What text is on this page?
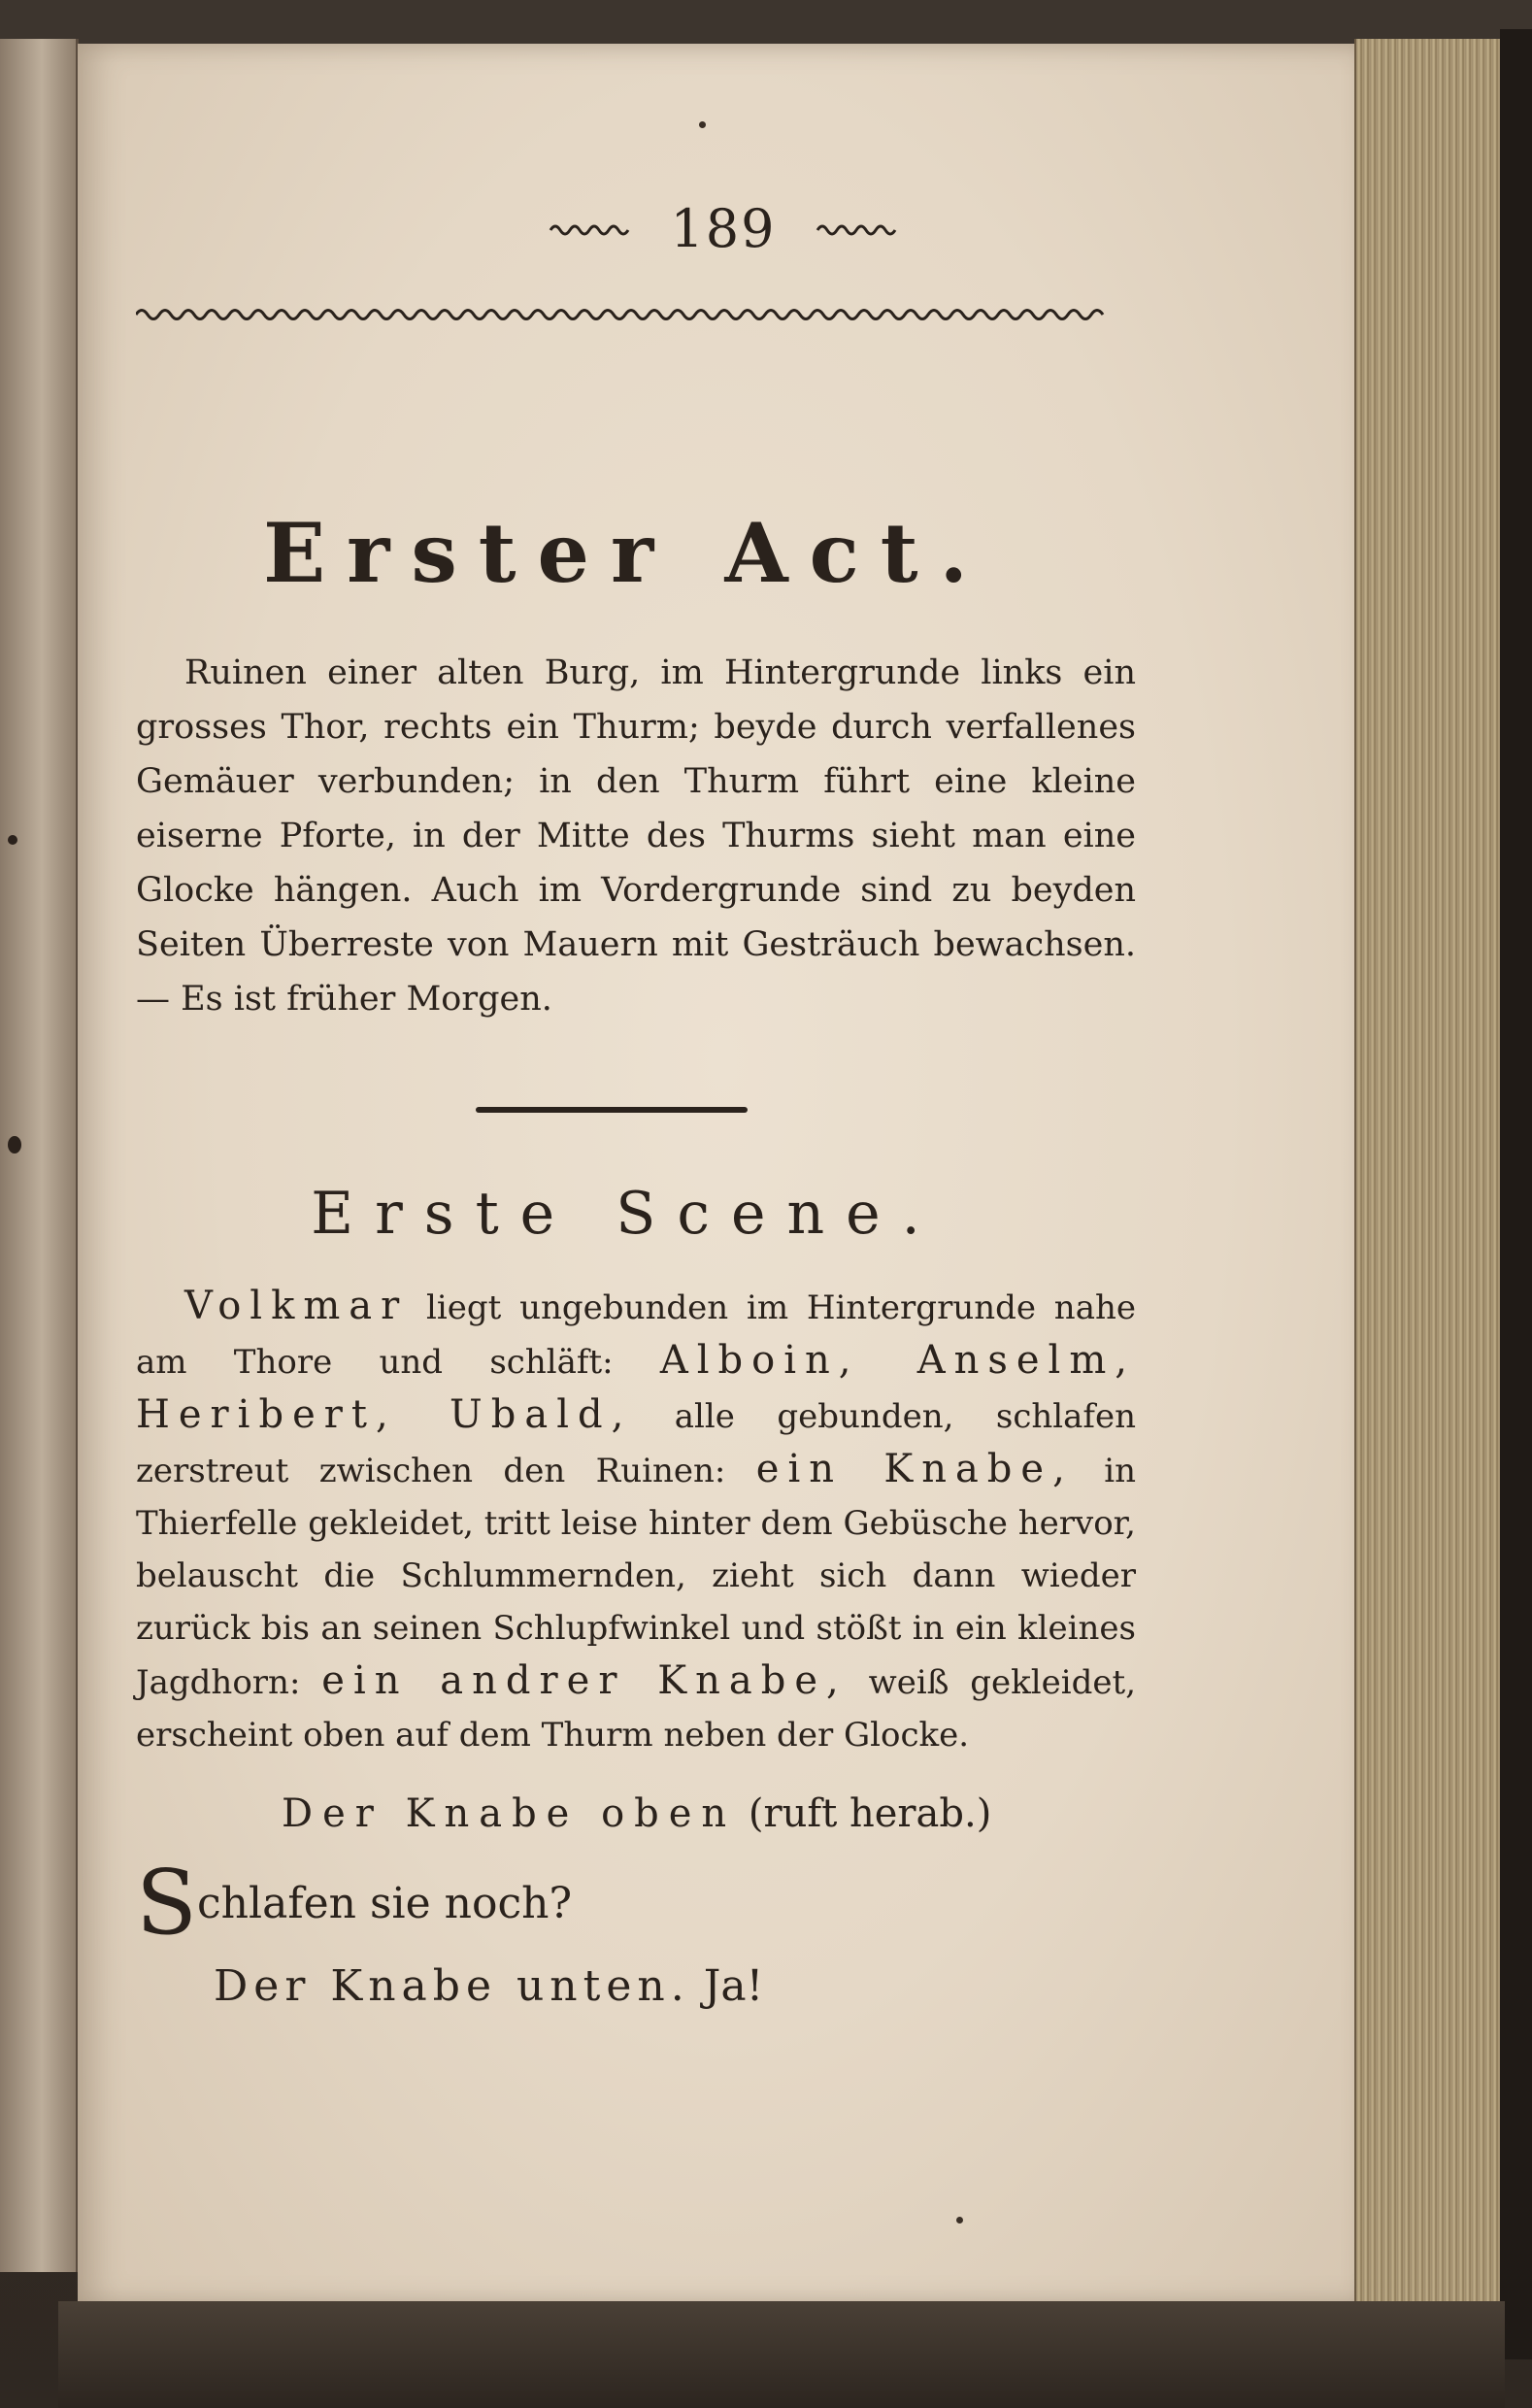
189
Erster Act.
Ruinen einer alten Burg, im Hintergrunde links ein grosses Thor, rechts ein Thurm; beyde durch verfallenes Gemäuer verbunden; in den Thurm führt eine kleine eiserne Pforte, in der Mitte des Thurms sieht man eine Glocke hängen. Auch im Vordergrunde sind zu beyden Seiten Überreste von Mauern mit Gesträuch bewachsen. — Es ist früher Morgen.
Erste Scene.
Volkmar liegt ungebunden im Hintergrunde nahe am Thore und schläft: Alboin, Anselm, Heribert, Ubald, alle gebunden, schlafen zerstreut zwischen den Ruinen: ein Knabe, in Thierfelle gekleidet, tritt leise hinter dem Gebüsche hervor, belauscht die Schlummernden, zieht sich dann wieder zurück bis an seinen Schlupfwinkel und stößt in ein kleines Jagdhorn: ein andrer Knabe, weiß gekleidet, erscheint oben auf dem Thurm neben der Glocke.
Der Knabe oben (ruft herab.)
Schlafen sie noch?
Der Knabe unten. Ja!
